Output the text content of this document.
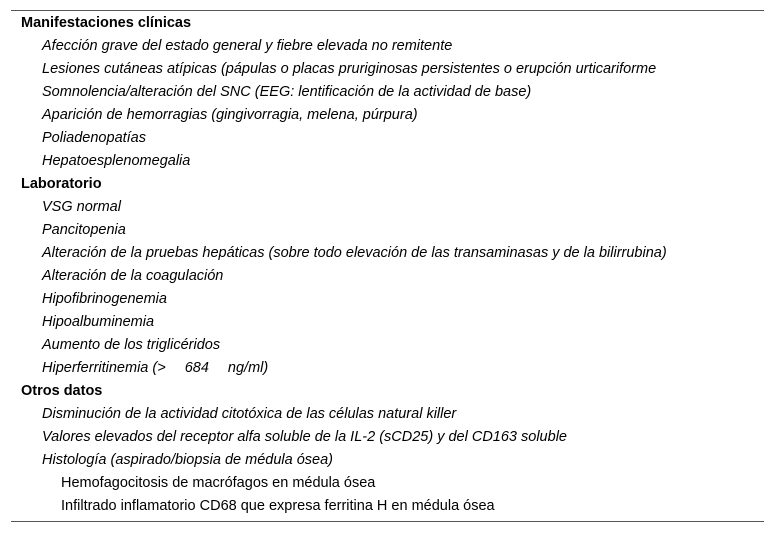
Manifestaciones clínicas
Afección grave del estado general y fiebre elevada no remitente
Lesiones cutáneas atípicas (pápulas o placas pruriginosas persistentes o erupción urticariforme
Somnolencia/alteración del SNC (EEG: lentificación de la actividad de base)
Aparición de hemorragias (gingivorragia, melena, púrpura)
Poliadenopatías
Hepatoesplenomegalia
Laboratorio
VSG normal
Pancitopenia
Alteración de la pruebas hepáticas (sobre todo elevación de las transaminasas y de la bilirrubina)
Alteración de la coagulación
Hipofibrinogenemia
Hipoalbuminemia
Aumento de los triglicéridos
Hiperferritinemia (> 684 ng/ml)
Otros datos
Disminución de la actividad citotóxica de las células natural killer
Valores elevados del receptor alfa soluble de la IL-2 (sCD25) y del CD163 soluble
Histología (aspirado/biopsia de médula ósea)
Hemofagocitosis de macrófagos en médula ósea
Infiltrado inflamatorio CD68 que expresa ferritina H en médula ósea
